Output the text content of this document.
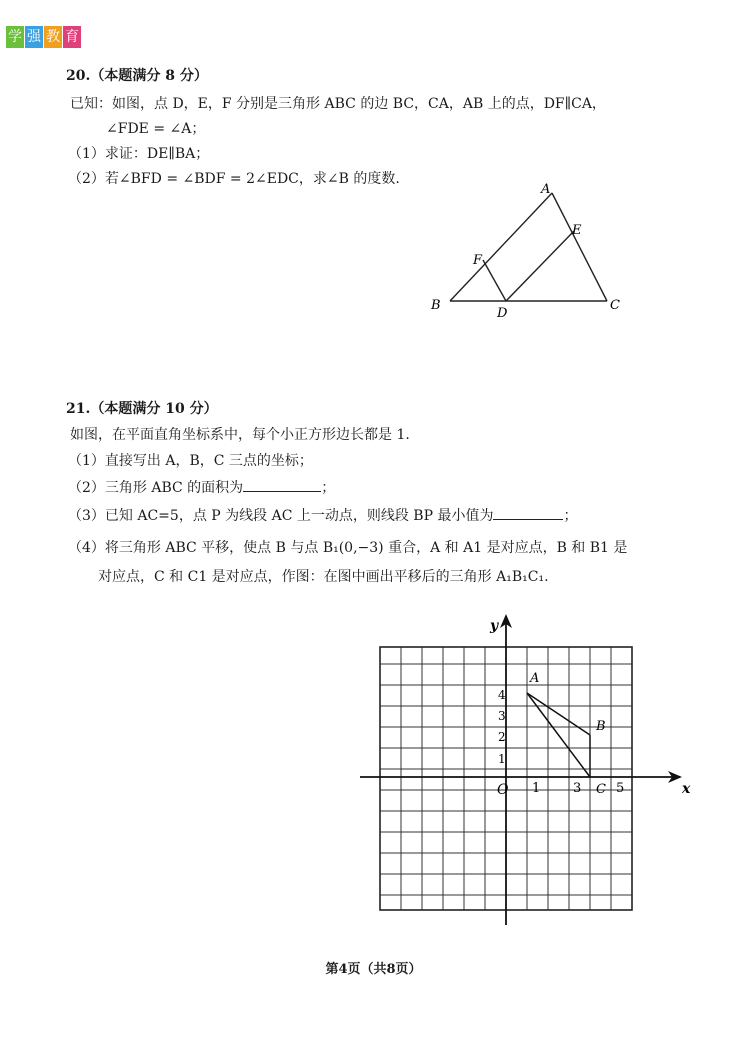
学 强 教 育
20.（本题满分 8 分）
已知：如图，点 D，E，F 分别是三角形 ABC 的边 BC，CA，AB 上的点，DF∥CA，
∠FDE = ∠A；
（1）求证：DE∥BA；
（2）若∠BFD = ∠BDF = 2∠EDC，求∠B 的度数.
A
B	C
D
E
F
21.（本题满分 10 分）
如图，在平面直角坐标系中，每个小正方形边长都是 1.
（1）直接写出 A，B，C 三点的坐标；
（2）三角形 ABC 的面积为	；
（3）已知 AC=5，点 P 为线段 AC 上一动点，则线段 BP 最小值为	；
（4）将三角形 ABC 平移，使点 B 与点 B₁(0,−3) 重合，A 和 A1 是对应点，B 和 B1 是
对应点，C 和 C1 是对应点，作图：在图中画出平移后的三角形 A₁B₁C₁.
x
y
O 1	3	5
1
2
3
4
A
B
C
第4页（共8页）
